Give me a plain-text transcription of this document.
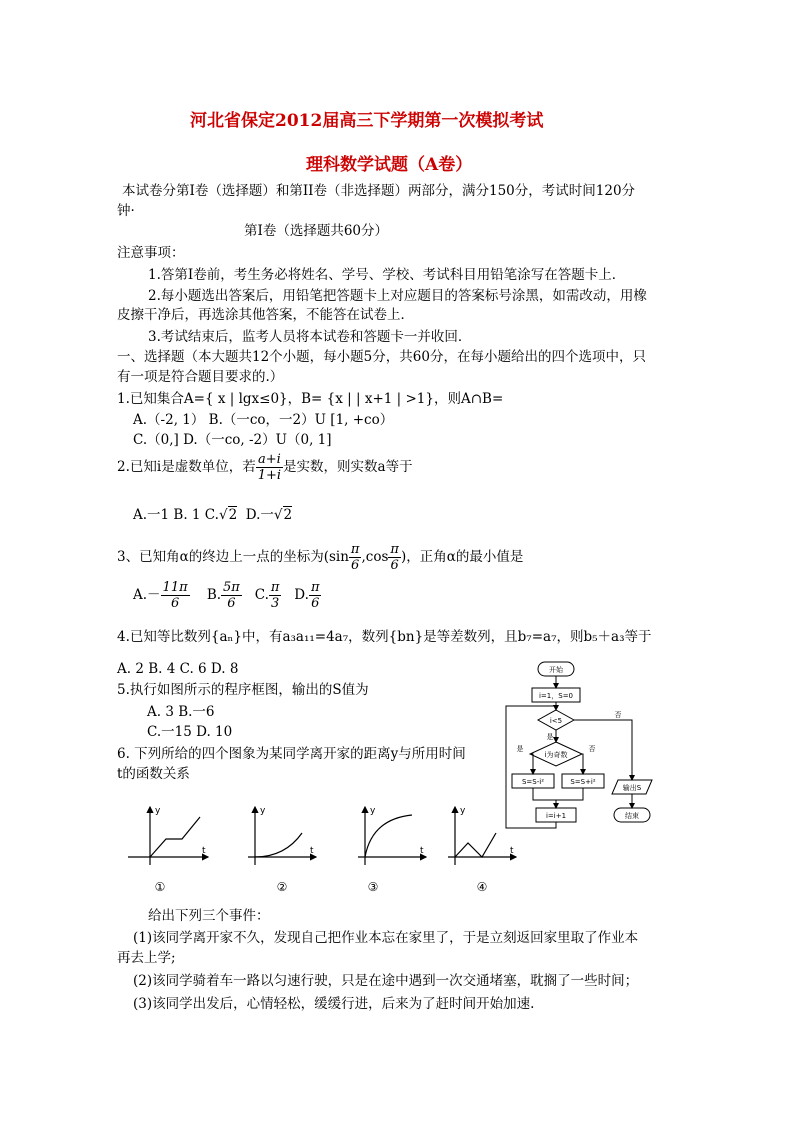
河北省保定2012届高三下学期第一次模拟考试
理科数学试题（A卷）
本试卷分第I卷（选择题）和第II卷（非选择题）两部分，满分150分，考试时间120分
钟·
第I卷（选择题共60分）
注意事项：
1.答第I卷前，考生务必将姓名、学号、学校、考试科目用铅笔涂写在答题卡上．
2.每小题选出答案后，用铅笔把答题卡上对应题目的答案标号涂黑，如需改动，用橡
皮擦干净后，再选涂其他答案，不能答在试卷上．
3.考试结束后，监考人员将本试卷和答题卡一并收回．
一、选择题（本大题共12个小题，每小题5分，共60分，在每小题给出的四个选项中，只
有一项是符合题目要求的.）
1.已知集合A={ x | lgx≤0}，B= {x | | x+1 | >1}，则A∩B=
A.（-2, 1） B.（一co，一2）U [1, +co）
C.（0,] D.（一co, -2）U（0, 1]
2.已知i是虚数单位，若 $\frac{a+i}{1+i}$ 是实数，则实数a等于
A.一1 B. 1 C.√2 D.一√2
3、已知角α的终边上一点的坐标为($\sin \frac{\pi}{6} ,\cos \frac{\pi}{6}$ )，正角α的最小值是
$A.- \frac{11\pi}{6} B$. $\frac{5\pi}{6} C$. $\frac{\pi}{3} D$. $\frac{\pi}{6}$
4.已知等比数列{aₙ}中，有a₃a₁₁=4a₇，数列{bn}是等差数列，且b₇=a₇，则b₅＋a₃等于
A. 2 B. 4 C. 6 D. 8
5.执行如图所示的程序框图，输出的S值为
A. 3 B.一6
C.一15 D. 10
6. 下列所给的四个图象为某同学离开家的距离y与所用时间
t的函数关系
开始
i=1，S=0
i<5
i为奇数
S=S-i²	S=S+i²
i=i+1
输出S
结束
是
否
是	否
y
t
y
t
y
t
y
t
①	②	③	④
给出下列三个事件：
(1)该同学离开家不久，发现自己把作业本忘在家里了，于是立刻返回家里取了作业本
再去上学;
(2)该同学骑着车一路以匀速行驶，只是在途中遇到一次交通堵塞，耽搁了一些时间；
(3)该同学出发后，心情轻松，缓缓行进，后来为了赶时间开始加速.
